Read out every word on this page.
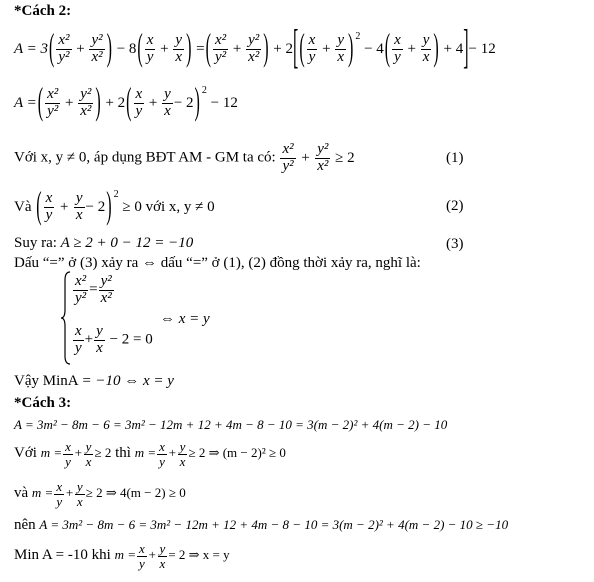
*Cách 2:
$A = 3( \frac{\text{x²}}{\text{y²}} + \frac{\text{y²}}{\text{x²}}$ ) − $8( \frac{x}{y} + \frac{y}{x}$ ) =( $\frac{\text{x²}}{\text{y²}} + \frac{\text{y²}}{\text{x²}}$ ) + $2[( \frac{x}{y} + \frac{y}{x}$ ) $^2 - 4( \frac{x}{y} + \frac{y}{x}$ ) + 4]− 12
A =( $\frac{\text{x²}}{\text{y²}} + \frac{\text{y²}}{\text{x²}}$ ) + $2( \frac{x}{y} + \frac{y}{x} - 2)$ $^2$ − 12
Với x, y ≠ 0, áp dụng BĐT AM - GM ta có: $\frac{\text{x²}}{\text{y²}} + \frac{\text{y²}}{\text{x²}} \ge 2$	(1)
Và ( $\frac{x}{y} + \frac{y}{x} - 2$) $^2$ ≥ 0 với x, y ≠ 0	(2)
Suy ra: A ≥ 2 + 0 − 12 = −10	(3)
Dấu “=” ở (3) xảy ra ⇔ dấu “=” ở (1), (2) đồng thời xảy ra, nghĩ là:
$\frac{\text{x²}}{\text{y²}} = \frac{\text{y²}}{\text{x²}}$
$\frac{x}{y} + \frac{y}{x} - 2 = 0$
⇔ x = y
Vậy MinA = −10 ⇔ x = y
*Cách 3:
A = 3m² − 8m − 6 = 3m² − 12m + 12 + 4m − 8 − 10 = 3(m − 2)² + 4(m − 2) − 10
Với $m = \frac{x}{y} + \frac{y}{x} \ge 2$ thì $m = \frac{x}{y} + \frac{y}{x} \ge 2$ ⇒ (m − 2)² ≥ 0
và $m = \frac{x}{y} + \frac{y}{x} \ge 2$ ⇒ 4(m − 2) ≥ 0
nên A = 3m² − 8m − 6 = 3m² − 12m + 12 + 4m − 8 − 10 = 3(m − 2)² + 4(m − 2) − 10 ≥ −10
Min A = -10 khi $m = \frac{x}{y} + \frac{y}{x} = 2$ ⇒ x = y
